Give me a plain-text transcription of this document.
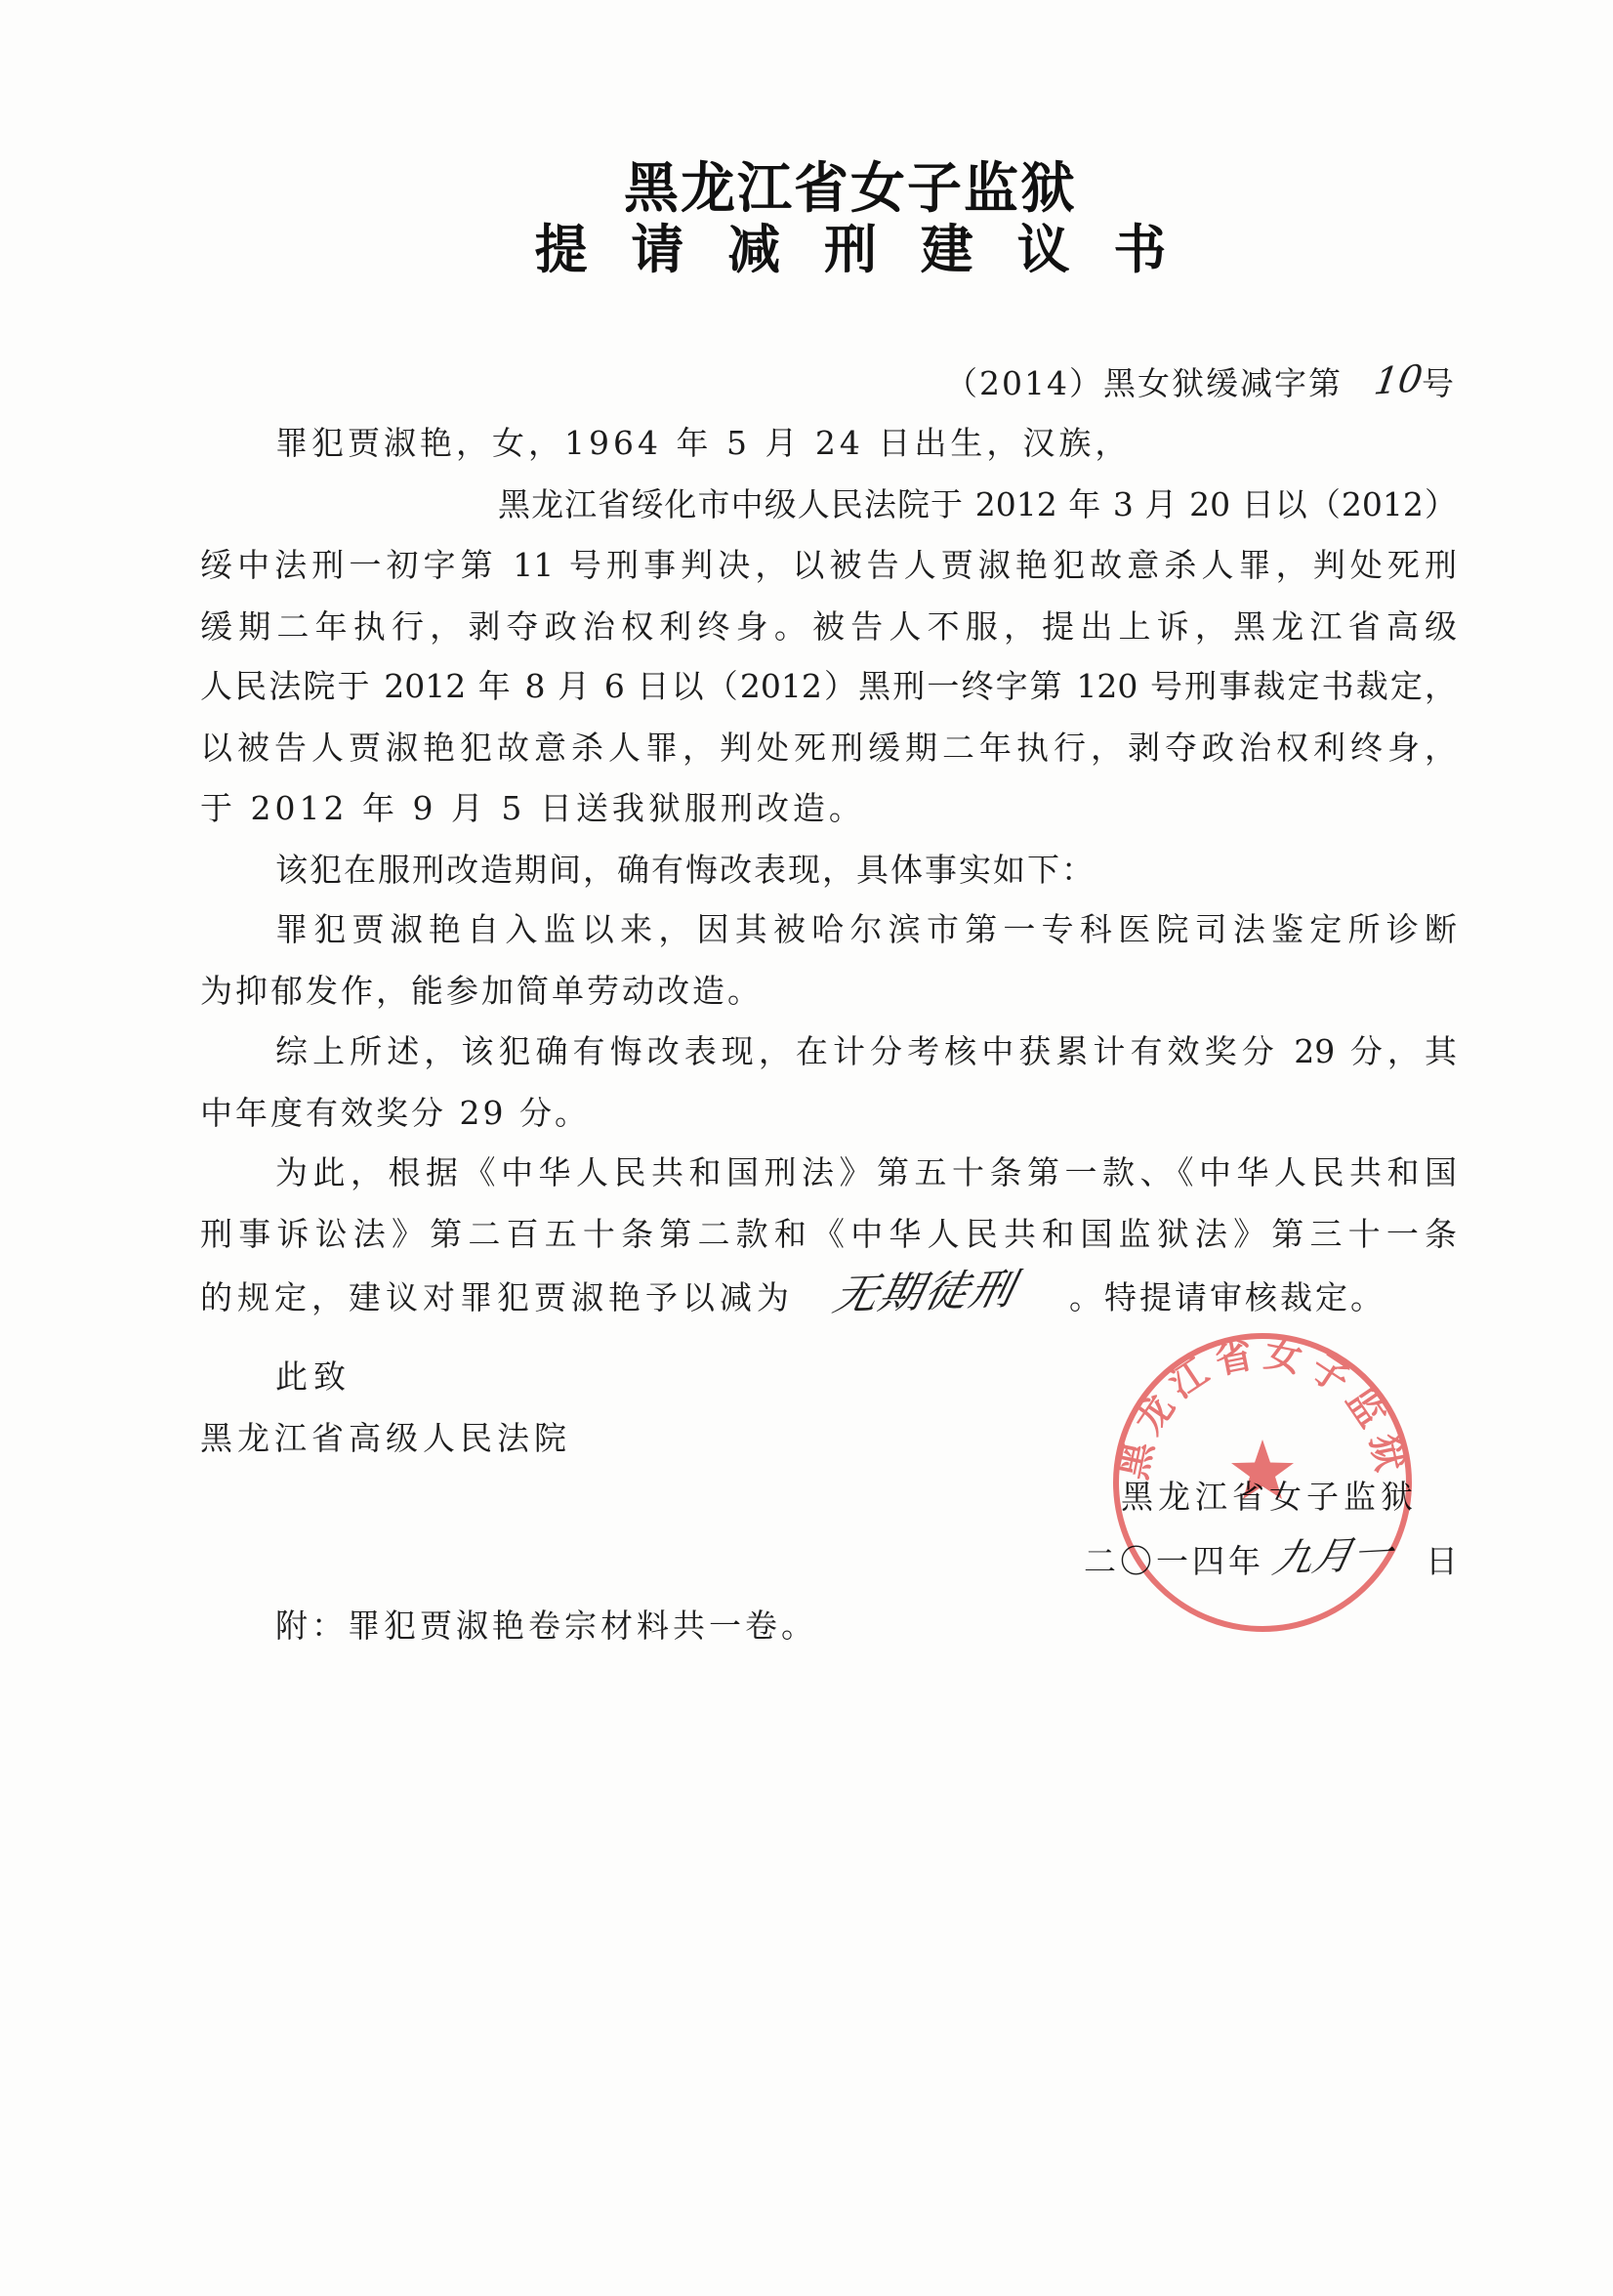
黑龙江省女子监狱
提 请 减 刑 建 议 书
（2014）黑女狱缓减字第 10
号
罪犯贾淑艳，女，1964 年 5 月 24 日出生，汉族，
黑龙江省绥化市中级人民法院于 2012 年 3 月 20 日以（2012）
绥中法刑一初字第 11 号刑事判决，以被告人贾淑艳犯故意杀人罪，判处死刑
缓期二年执行，剥夺政治权利终身。被告人不服，提出上诉，黑龙江省高级
人民法院于 2012 年 8 月 6 日以（2012）黑刑一终字第 120 号刑事裁定书裁定，
以被告人贾淑艳犯故意杀人罪，判处死刑缓期二年执行，剥夺政治权利终身，
于 2012 年 9 月 5 日送我狱服刑改造。
该犯在服刑改造期间，确有悔改表现，具体事实如下：
罪犯贾淑艳自入监以来，因其被哈尔滨市第一专科医院司法鉴定所诊断
为抑郁发作，能参加简单劳动改造。
综上所述，该犯确有悔改表现，在计分考核中获累计有效奖分 29 分，其
中年度有效奖分 29 分。
为此，根据《中华人民共和国刑法》第五十条第一款、《中华人民共和国
刑事诉讼法》第二百五十条第二款和《中华人民共和国监狱法》第三十一条
的规定，建议对罪犯贾淑艳予以减为 无期徒刑 。特提请审核裁定。
此致
黑龙江省高级人民法院
黑龙江省女子监狱
二〇一四年 九月一 日
附：罪犯贾淑艳卷宗材料共一卷。
黑龙江省女子监狱
